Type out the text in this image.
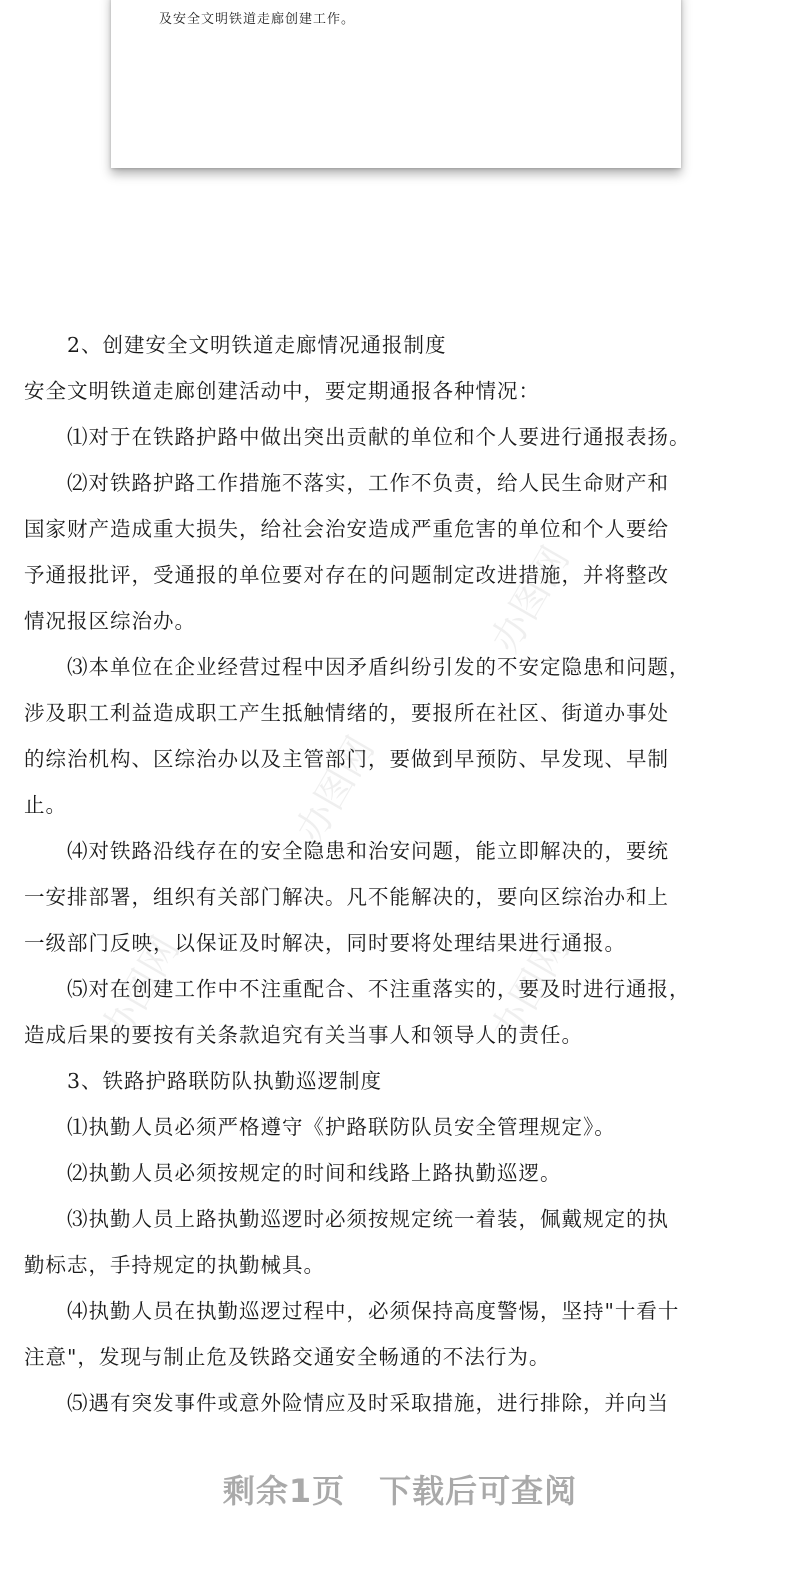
及安全文明铁道走廊创建工作。
办图网
办图网
办图网	办图网

　　2、创建安全文明铁道走廊情况通报制度

安全文明铁道走廊创建活动中，要定期通报各种情况：

　　⑴对于在铁路护路中做出突出贡献的单位和个人要进行通报表扬。

　　⑵对铁路护路工作措施不落实，工作不负责，给人民生命财产和

国家财产造成重大损失，给社会治安造成严重危害的单位和个人要给

予通报批评，受通报的单位要对存在的问题制定改进措施，并将整改

情况报区综治办。

　　⑶本单位在企业经营过程中因矛盾纠纷引发的不安定隐患和问题，

涉及职工利益造成职工产生抵触情绪的，要报所在社区、街道办事处

的综治机构、区综治办以及主管部门，要做到早预防、早发现、早制

止。

　　⑷对铁路沿线存在的安全隐患和治安问题，能立即解决的，要统

一安排部署，组织有关部门解决。凡不能解决的，要向区综治办和上

一级部门反映，以保证及时解决，同时要将处理结果进行通报。

　　⑸对在创建工作中不注重配合、不注重落实的，要及时进行通报，

造成后果的要按有关条款追究有关当事人和领导人的责任。

　　3、铁路护路联防队执勤巡逻制度

　　⑴执勤人员必须严格遵守《护路联防队员安全管理规定》。

　　⑵执勤人员必须按规定的时间和线路上路执勤巡逻。

　　⑶执勤人员上路执勤巡逻时必须按规定统一着装，佩戴规定的执

勤标志，手持规定的执勤械具。

　　⑷执勤人员在执勤巡逻过程中，必须保持高度警惕，坚持"十看十

注意"，发现与制止危及铁路交通安全畅通的不法行为。

　　⑸遇有突发事件或意外险情应及时采取措施，进行排除，并向当

剩余1页 下载后可查阅
